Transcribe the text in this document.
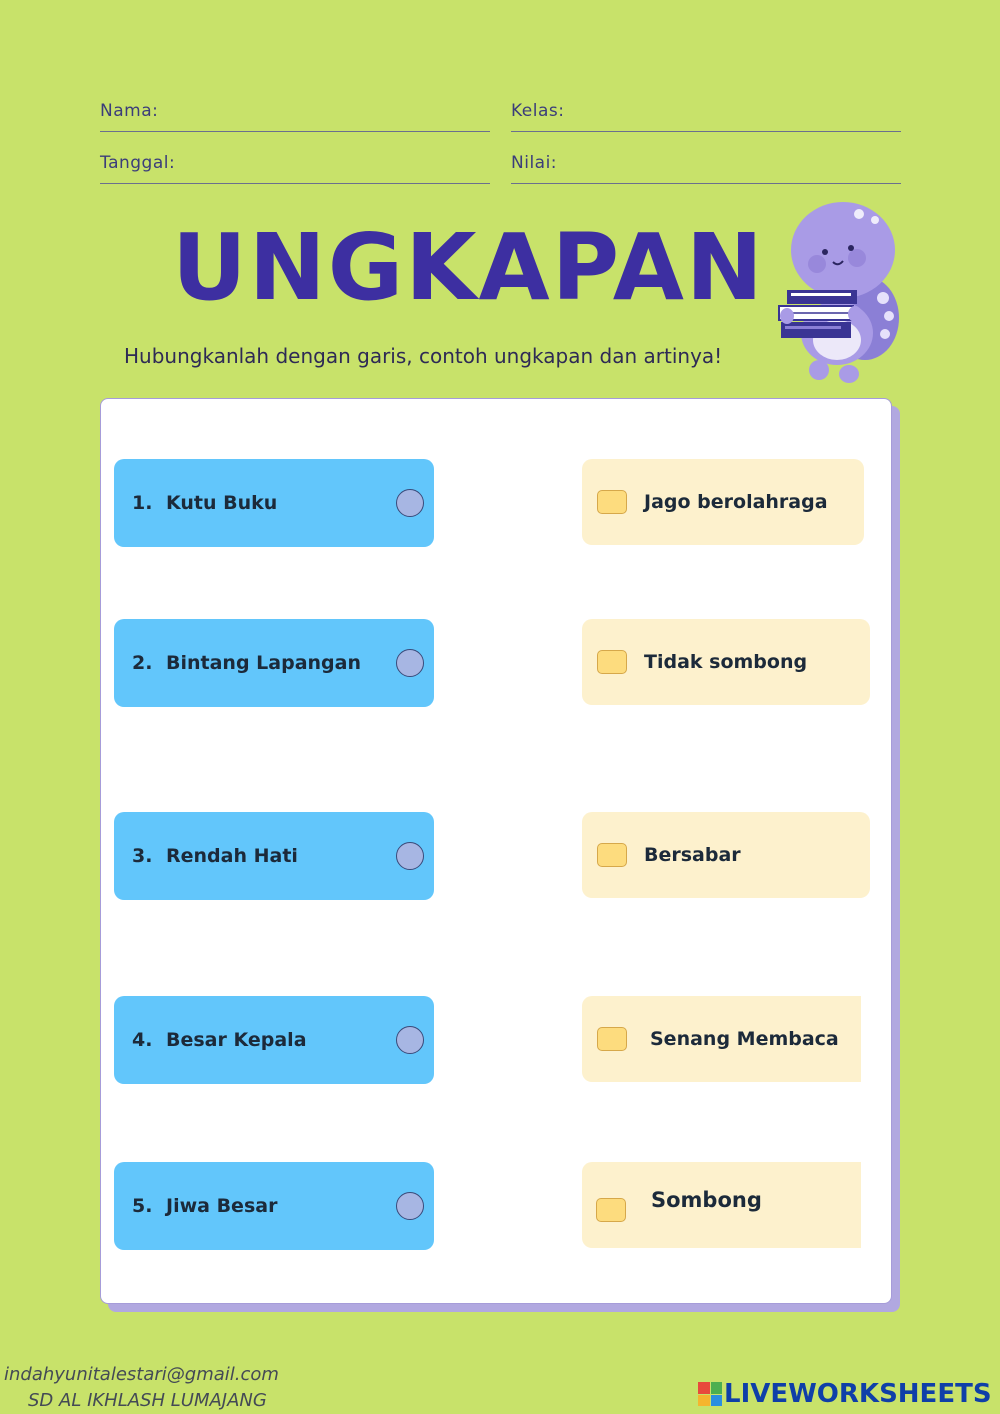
Nama:	Kelas:
Tanggal:	Nilai:
UNGKAPAN
Hubungkanlah dengan garis, contoh ungkapan dan artinya!
1. Kutu Buku
2. Bintang Lapangan
3. Rendah Hati
4. Besar Kepala
5. Jiwa Besar
Jago berolahraga
Tidak sombong
Bersabar
Senang Membaca
Sombong
indahyunitalestari@gmail.com
SD AL IKHLASH LUMAJANG	LIVEWORKSHEETS
